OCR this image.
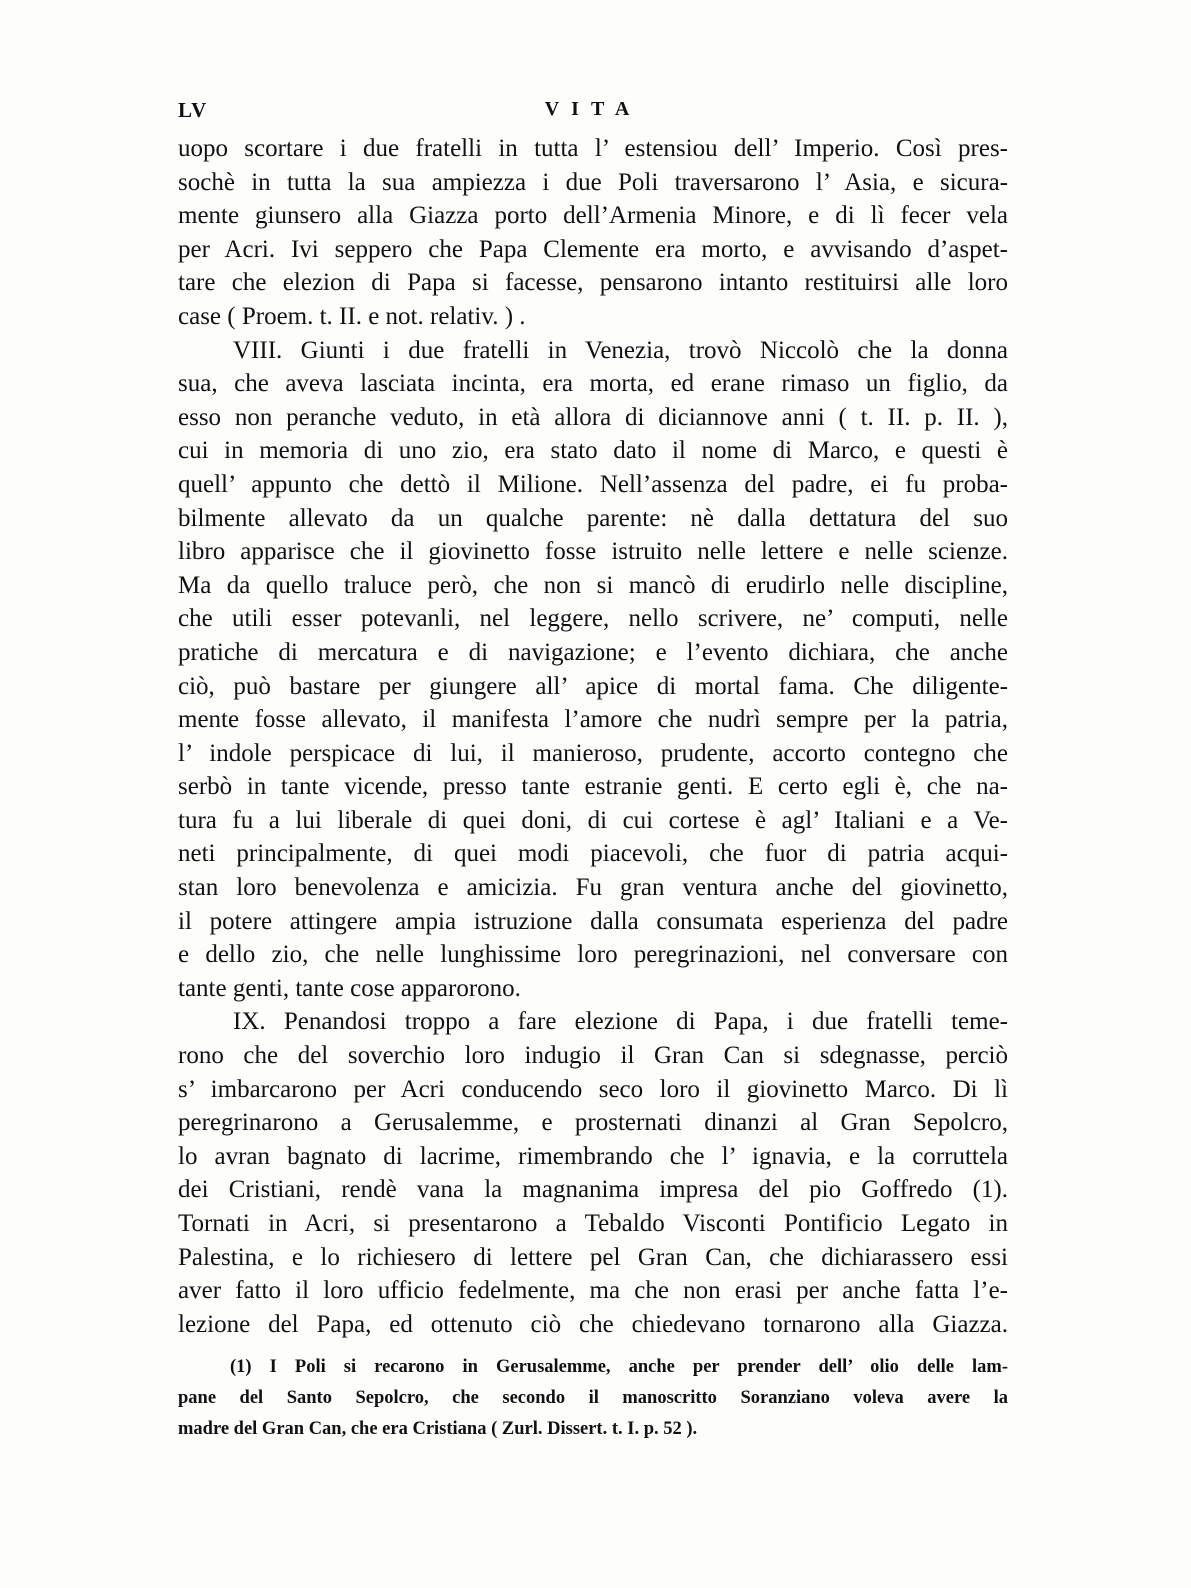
LV	VITA
uopo scortare i due fratelli in tutta l’ estensiou dell’ Imperio. Così pres-
sochè in tutta la sua ampiezza i due Poli traversarono l’ Asia, e sicura-
mente giunsero alla Giazza porto dell’Armenia Minore, e di lì fecer vela
per Acri. Ivi seppero che Papa Clemente era morto, e avvisando d’aspet-
tare che elezion di Papa si facesse, pensarono intanto restituirsi alle loro
case ( Proem. t. II. e not. relativ. ) .
VIII. Giunti i due fratelli in Venezia, trovò Niccolò che la donna
sua, che aveva lasciata incinta, era morta, ed erane rimaso un figlio, da
esso non peranche veduto, in età allora di diciannove anni ( t. II. p. II. ),
cui in memoria di uno zio, era stato dato il nome di Marco, e questi è
quell’ appunto che dettò il Milione. Nell’assenza del padre, ei fu proba-
bilmente allevato da un qualche parente: nè dalla dettatura del suo
libro apparisce che il giovinetto fosse istruito nelle lettere e nelle scienze.
Ma da quello traluce però, che non si mancò di erudirlo nelle discipline,
che utili esser potevanli, nel leggere, nello scrivere, ne’ computi, nelle
pratiche di mercatura e di navigazione; e l’evento dichiara, che anche
ciò, può bastare per giungere all’ apice di mortal fama. Che diligente-
mente fosse allevato, il manifesta l’amore che nudrì sempre per la patria,
l’ indole perspicace di lui, il manieroso, prudente, accorto contegno che
serbò in tante vicende, presso tante estranie genti. E certo egli è, che na-
tura fu a lui liberale di quei doni, di cui cortese è agl’ Italiani e a Ve-
neti principalmente, di quei modi piacevoli, che fuor di patria acqui-
stan loro benevolenza e amicizia. Fu gran ventura anche del giovinetto,
il potere attingere ampia istruzione dalla consumata esperienza del padre
e dello zio, che nelle lunghissime loro peregrinazioni, nel conversare con
tante genti, tante cose apparorono.
IX. Penandosi troppo a fare elezione di Papa, i due fratelli teme-
rono che del soverchio loro indugio il Gran Can si sdegnasse, perciò
s’ imbarcarono per Acri conducendo seco loro il giovinetto Marco. Di lì
peregrinarono a Gerusalemme, e prosternati dinanzi al Gran Sepolcro,
lo avran bagnato di lacrime, rimembrando che l’ ignavia, e la corruttela
dei Cristiani, rendè vana la magnanima impresa del pio Goffredo (1).
Tornati in Acri, si presentarono a Tebaldo Visconti Pontificio Legato in
Palestina, e lo richiesero di lettere pel Gran Can, che dichiarassero essi
aver fatto il loro ufficio fedelmente, ma che non erasi per anche fatta l’e-
lezione del Papa, ed ottenuto ciò che chiedevano tornarono alla Giazza.
(1) I Poli si recarono in Gerusalemme, anche per prender dell’ olio delle lam-
pane del Santo Sepolcro, che secondo il manoscritto Soranziano voleva avere la
madre del Gran Can, che era Cristiana ( Zurl. Dissert. t. I. p. 52 ).
